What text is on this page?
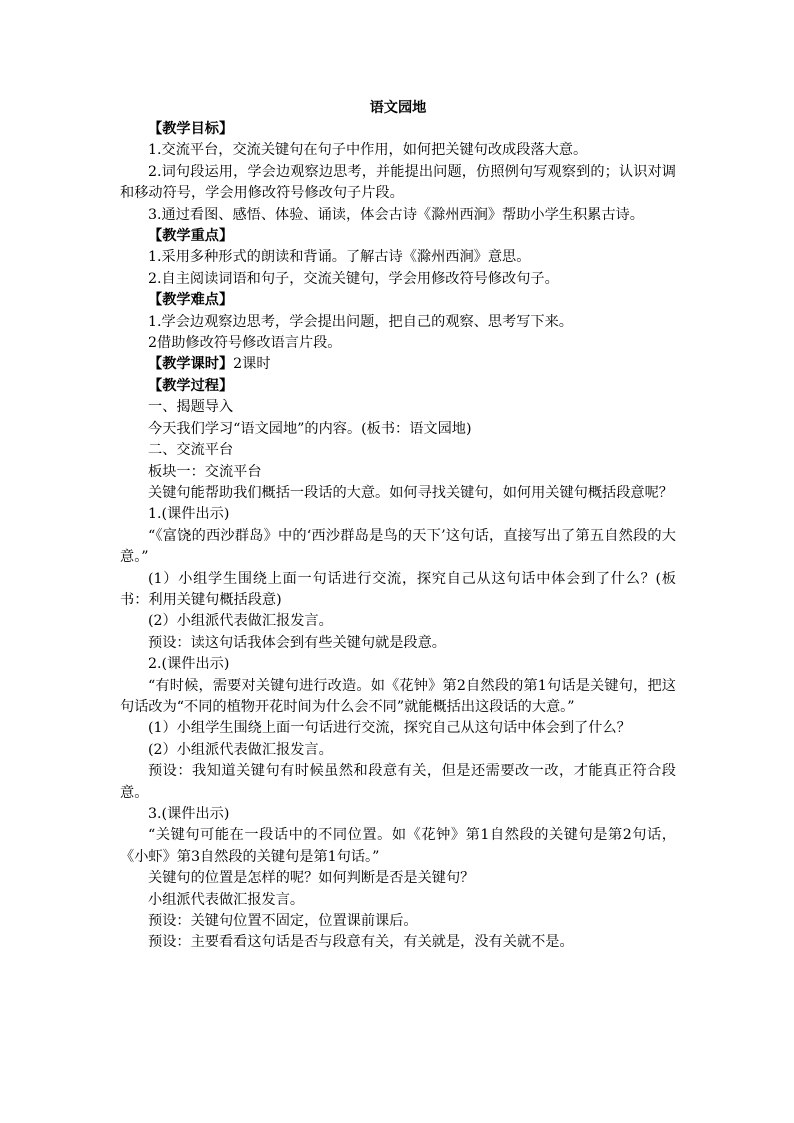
语文园地

【教学目标】

1.交流平台，交流关键句在句子中作用，如何把关键句改成段落大意。

2.词句段运用，学会边观察边思考，并能提出问题，仿照例句写观察到的；认识对调和移动符号，学会用修改符号修改句子片段。

3.通过看图、感悟、体验、诵读，体会古诗《滁州西涧》帮助小学生积累古诗。

【教学重点】

1.采用多种形式的朗读和背诵。了解古诗《滁州西涧》意思。

2.自主阅读词语和句子，交流关键句，学会用修改符号修改句子。

【教学难点】

1.学会边观察边思考，学会提出问题，把自己的观察、思考写下来。

2借助修改符号修改语言片段。

【教学课时】2课时

【教学过程】

一、揭题导入

今天我们学习“语文园地”的内容。(板书：语文园地)

二、交流平台

板块一：交流平台

关键句能帮助我们概括一段话的大意。如何寻找关键句，如何用关键句概括段意呢？

1.(课件出示)

“《富饶的西沙群岛》中的‘西沙群岛是鸟的天下’这句话，直接写出了第五自然段的大意。”

(1）小组学生围绕上面一句话进行交流，探究自己从这句话中体会到了什么？(板书：利用关键句概括段意)

(2）小组派代表做汇报发言。

预设：读这句话我体会到有些关键句就是段意。

2.(课件出示)

“有时候，需要对关键句进行改造。如《花钟》第2自然段的第1句话是关键句，把这句话改为“不同的植物开花时间为什么会不同”就能概括出这段话的大意。”

(1）小组学生围绕上面一句话进行交流，探究自己从这句话中体会到了什么？

(2）小组派代表做汇报发言。

预设：我知道关键句有时候虽然和段意有关，但是还需要改一改，才能真正符合段意。

3.(课件出示)

“关键句可能在一段话中的不同位置。如《花钟》第1自然段的关键句是第2句话，《小虾》第3自然段的关键句是第1句话。”

关键句的位置是怎样的呢？如何判断是否是关键句？

小组派代表做汇报发言。

预设：关键句位置不固定，位置课前课后。

预设：主要看看这句话是否与段意有关，有关就是，没有关就不是。
